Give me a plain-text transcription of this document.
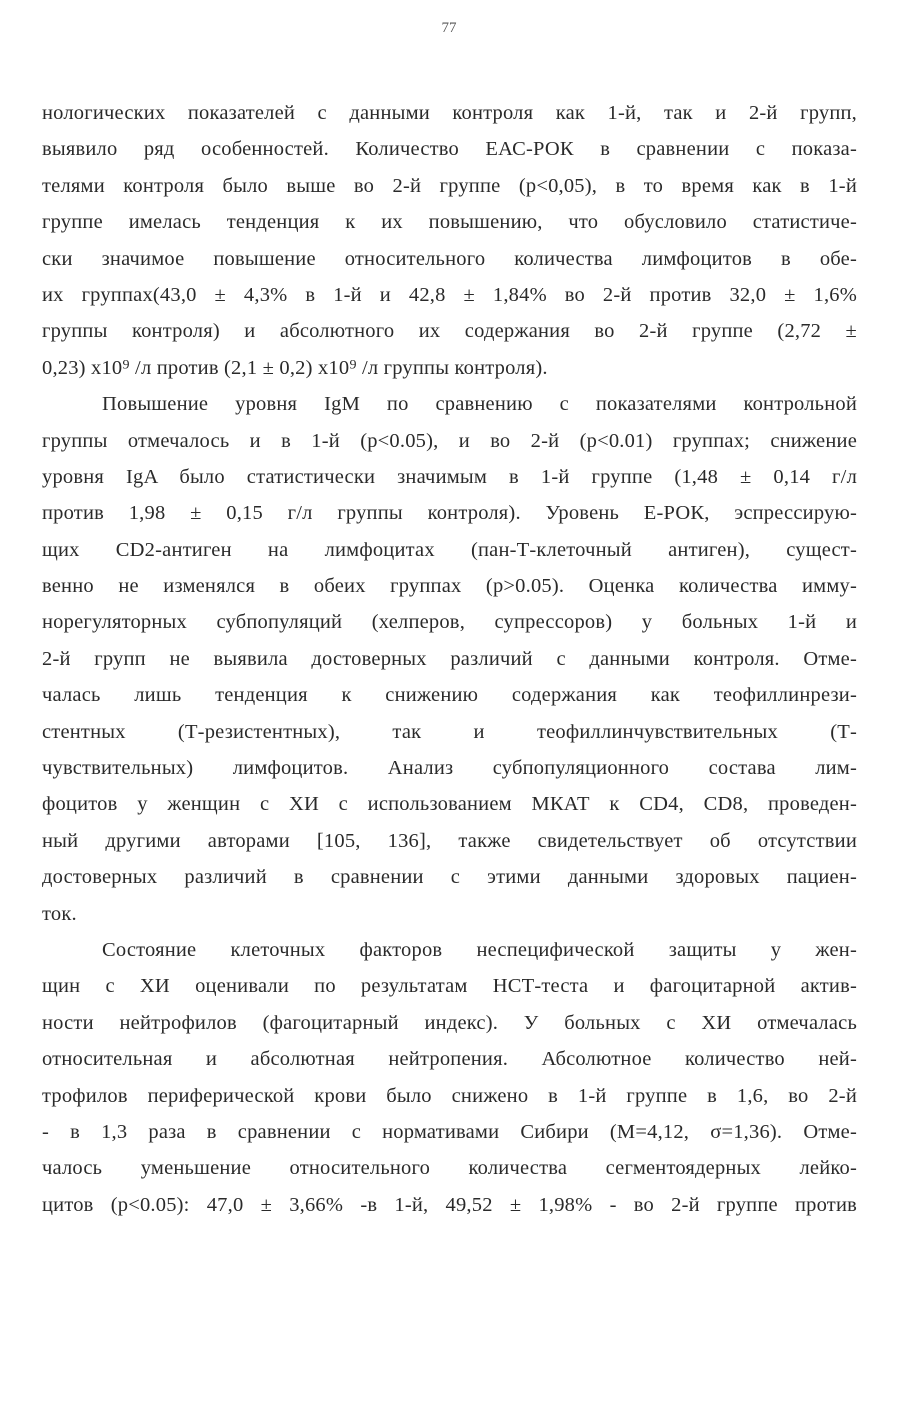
77
нологических показателей с данными контроля как 1-й, так и 2-й групп,
выявило ряд особенностей. Количество ЕАС-РОК в сравнении с показа-
телями контроля было выше во 2-й группе (р<0,05), в то время как в 1-й
группе имелась тенденция к их повышению, что обусловило статистиче-
ски значимое повышение относительного количества лимфоцитов в обе-
их группах(43,0 ± 4,3% в 1-й и 42,8 ± 1,84% во 2-й против 32,0 ± 1,6%
группы контроля) и абсолютного их содержания во 2-й группе (2,72 ±
0,23) х10⁹ /л против (2,1 ± 0,2) х10⁹ /л группы контроля).
Повышение уровня IgM по сравнению с показателями контрольной
группы отмечалось и в 1-й (р<0.05), и во 2-й (р<0.01) группах; снижение
уровня IgA было статистически значимым в 1-й группе (1,48 ± 0,14 г/л
против 1,98 ± 0,15 г/л группы контроля). Уровень Е-РОК, эспрессирую-
щих CD2-антиген на лимфоцитах (пан-Т-клеточный антиген), сущест-
венно не изменялся в обеих группах (p>0.05). Оценка количества имму-
норегуляторных субпопуляций (хелперов, супрессоров) у больных 1-й и
2-й групп не выявила достоверных различий с данными контроля. Отме-
чалась лишь тенденция к снижению содержания как теофиллинрези-
стентных (Т-резистентных), так и теофиллинчувствительных (Т-
чувствительных) лимфоцитов. Анализ субпопуляционного состава лим-
фоцитов у женщин с ХИ с использованием МКАТ к CD4, CD8, проведен-
ный другими авторами [105, 136], также свидетельствует об отсутствии
достоверных различий в сравнении с этими данными здоровых пациен-
ток.
Состояние клеточных факторов неспецифической защиты у жен-
щин с ХИ оценивали по результатам НСТ-теста и фагоцитарной актив-
ности нейтрофилов (фагоцитарный индекс). У больных с ХИ отмечалась
относительная и абсолютная нейтропения. Абсолютное количество ней-
трофилов периферической крови было снижено в 1-й группе в 1,6, во 2-й
- в 1,3 раза в сравнении с нормативами Сибири (М=4,12, σ=1,36). Отме-
чалось уменьшение относительного количества сегментоядерных лейко-
цитов (р<0.05): 47,0 ± 3,66% -в 1-й, 49,52 ± 1,98% - во 2-й группе против
